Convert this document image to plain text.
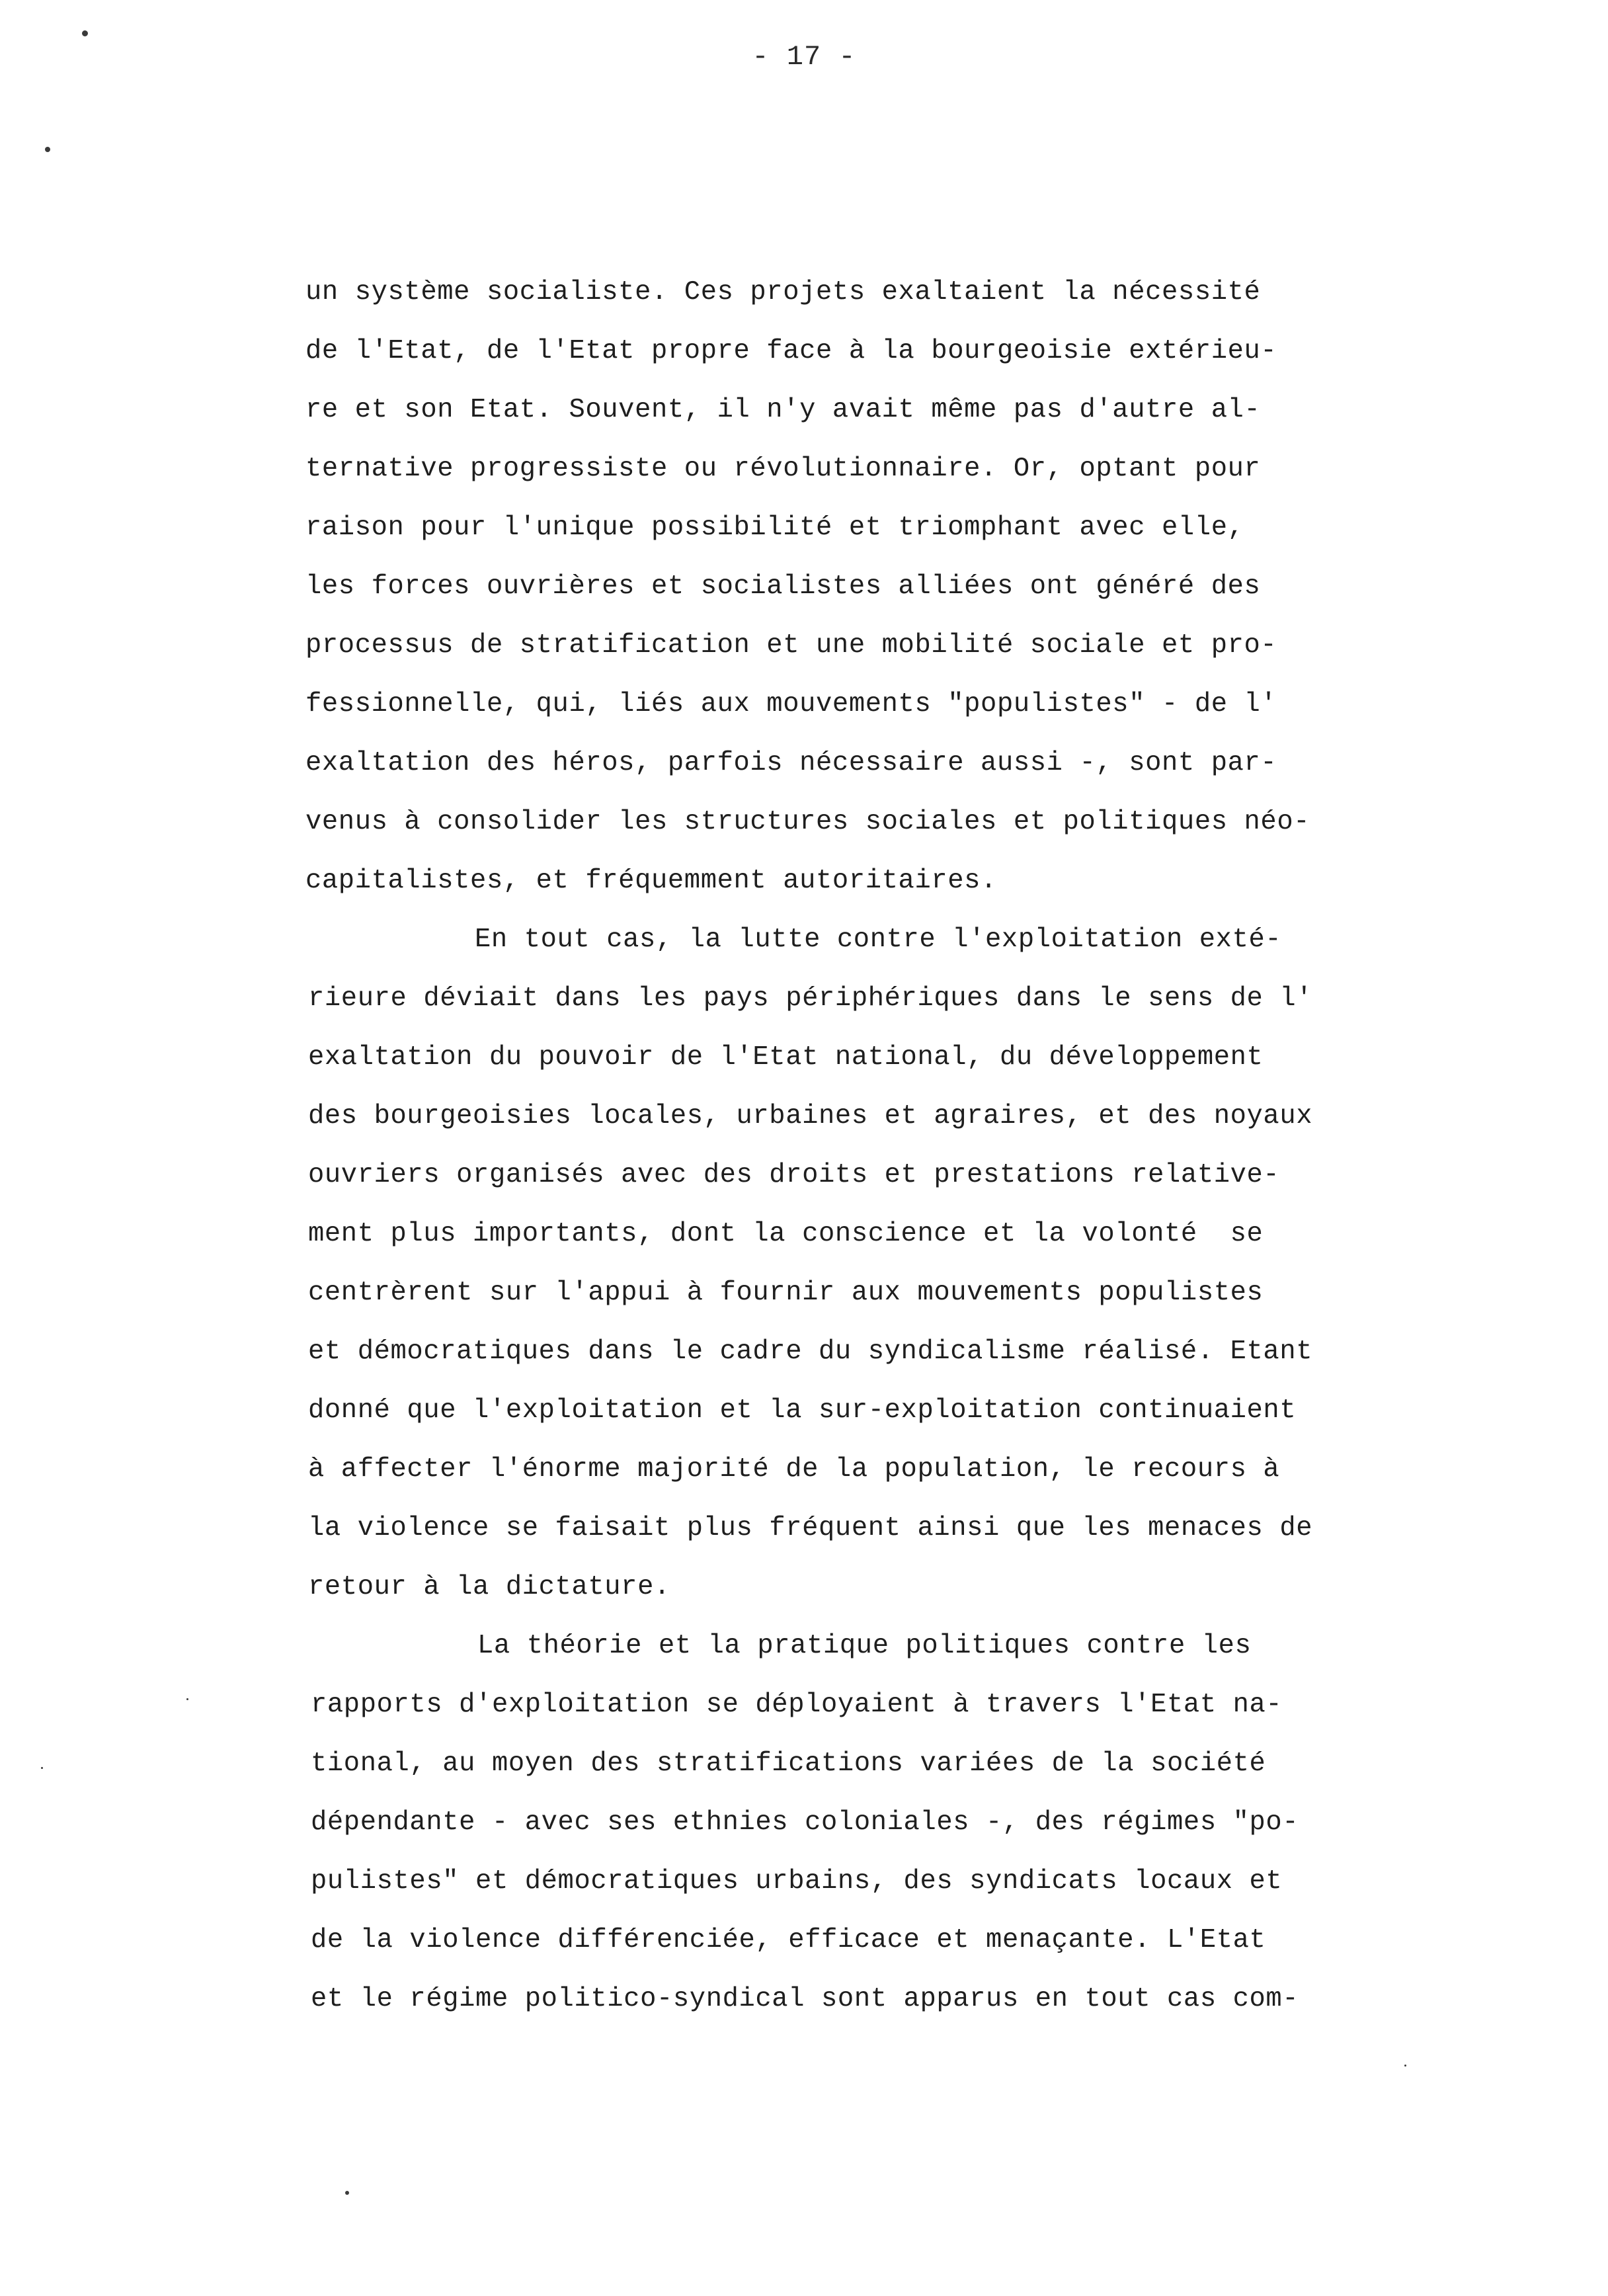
- 17 -
un système socialiste. Ces projets exaltaient la nécessité
de l'Etat, de l'Etat propre face à la bourgeoisie extérieu-
re et son Etat. Souvent, il n'y avait même pas d'autre al-
ternative progressiste ou révolutionnaire. Or, optant pour
raison pour l'unique possibilité et triomphant avec elle,
les forces ouvrières et socialistes alliées ont généré des
processus de stratification et une mobilité sociale et pro-
fessionnelle, qui, liés aux mouvements "populistes" - de l'
exaltation des héros, parfois nécessaire aussi -, sont par-
venus à consolider les structures sociales et politiques néo-
capitalistes, et fréquemment autoritaires.
En tout cas, la lutte contre l'exploitation exté-
rieure déviait dans les pays périphériques dans le sens de l'
exaltation du pouvoir de l'Etat national, du développement
des bourgeoisies locales, urbaines et agraires, et des noyaux
ouvriers organisés avec des droits et prestations relative-
ment plus importants, dont la conscience et la volonté  se
centrèrent sur l'appui à fournir aux mouvements populistes
et démocratiques dans le cadre du syndicalisme réalisé. Etant
donné que l'exploitation et la sur-exploitation continuaient
à affecter l'énorme majorité de la population, le recours à
la violence se faisait plus fréquent ainsi que les menaces de
retour à la dictature.
La théorie et la pratique politiques contre les
rapports d'exploitation se déployaient à travers l'Etat na-
tional, au moyen des stratifications variées de la société
dépendante - avec ses ethnies coloniales -, des régimes "po-
pulistes" et démocratiques urbains, des syndicats locaux et
de la violence différenciée, efficace et menaçante. L'Etat
et le régime politico-syndical sont apparus en tout cas com-
